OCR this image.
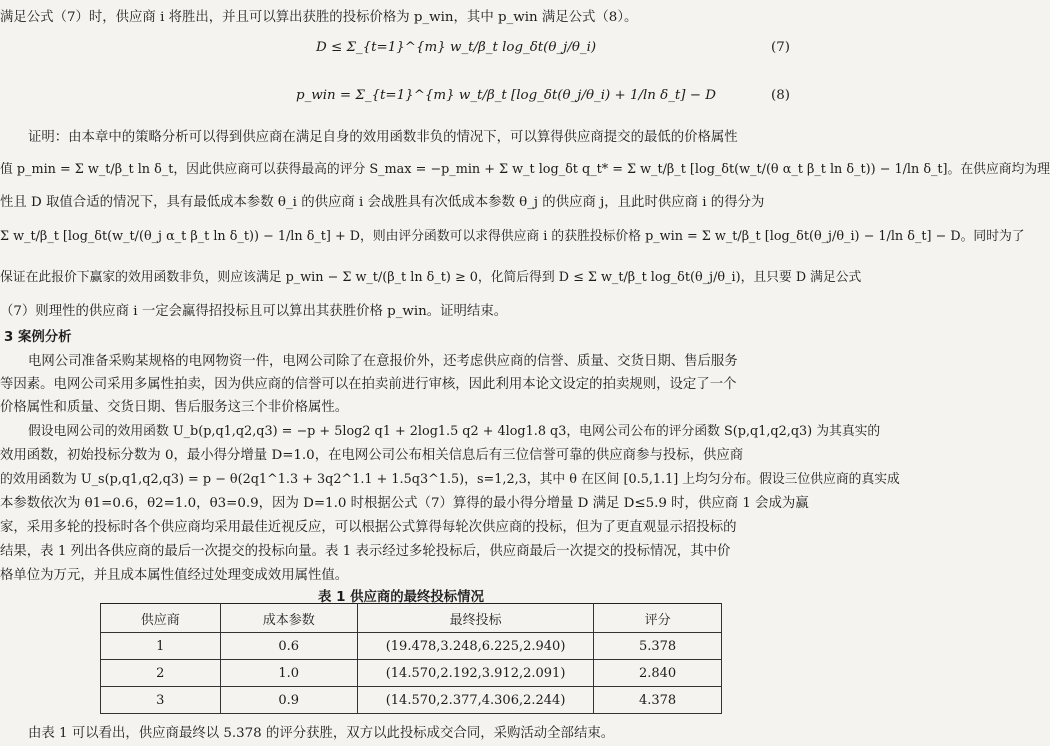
满足公式（7）时，供应商 i 将胜出，并且可以算出获胜的投标价格为 p_win，其中 p_win 满足公式（8）。
D ≤ Σ_{t=1}^{m} w_t/β_t log_δt(θ_j/θ_i)	(7)
p_win = Σ_{t=1}^{m} w_t/β_t [log_δt(θ_j/θ_i) + 1/ln δ_t] − D	(8)
证明：由本章中的策略分析可以得到供应商在满足自身的效用函数非负的情况下，可以算得供应商提交的最低的价格属性
值 p_min = Σ w_t/β_t ln δ_t，因此供应商可以获得最高的评分 S_max = −p_min + Σ w_t log_δt q_t* = Σ w_t/β_t [log_δt(w_t/(θ α_t β_t ln δ_t)) − 1/ln δ_t]。在供应商均为理
性且 D 取值合适的情况下，具有最低成本参数 θ_i 的供应商 i 会战胜具有次低成本参数 θ_j 的供应商 j，且此时供应商 i 的得分为
Σ w_t/β_t [log_δt(w_t/(θ_j α_t β_t ln δ_t)) − 1/ln δ_t] + D，则由评分函数可以求得供应商 i 的获胜投标价格 p_win = Σ w_t/β_t [log_δt(θ_j/θ_i) − 1/ln δ_t] − D。同时为了
保证在此报价下赢家的效用函数非负，则应该满足 p_win − Σ w_t/(β_t ln δ_t) ≥ 0，化简后得到 D ≤ Σ w_t/β_t log_δt(θ_j/θ_i)，且只要 D 满足公式
（7）则理性的供应商 i 一定会赢得招投标且可以算出其获胜价格 p_win。证明结束。
3 案例分析
电网公司准备采购某规格的电网物资一件，电网公司除了在意报价外，还考虑供应商的信誉、质量、交货日期、售后服务
等因素。电网公司采用多属性拍卖，因为供应商的信誉可以在拍卖前进行审核，因此利用本论文设定的拍卖规则，设定了一个
价格属性和质量、交货日期、售后服务这三个非价格属性。
假设电网公司的效用函数 U_b(p,q1,q2,q3) = −p + 5log2 q1 + 2log1.5 q2 + 4log1.8 q3，电网公司公布的评分函数 S(p,q1,q2,q3) 为其真实的
效用函数，初始投标分数为 0，最小得分增量 D=1.0，在电网公司公布相关信息后有三位信誉可靠的供应商参与投标，供应商
的效用函数为 U_s(p,q1,q2,q3) = p − θ(2q1^1.3 + 3q2^1.1 + 1.5q3^1.5)，s=1,2,3，其中 θ 在区间 [0.5,1.1] 上均匀分布。假设三位供应商的真实成
本参数依次为 θ1=0.6，θ2=1.0，θ3=0.9，因为 D=1.0 时根据公式（7）算得的最小得分增量 D 满足 D≤5.9 时，供应商 1 会成为赢
家，采用多轮的投标时各个供应商均采用最佳近视反应，可以根据公式算得每轮次供应商的投标，但为了更直观显示招投标的
结果，表 1 列出各供应商的最后一次提交的投标向量。表 1 表示经过多轮投标后，供应商最后一次提交的投标情况，其中价
格单位为万元，并且成本属性值经过处理变成效用属性值。
表 1 供应商的最终投标情况
供应商	成本参数	最终投标	评分
1	0.6	(19.478,3.248,6.225,2.940)	5.378
2	1.0	(14.570,2.192,3.912,2.091)	2.840
3	0.9	(14.570,2.377,4.306,2.244)	4.378
由表 1 可以看出，供应商最终以 5.378 的评分获胜，双方以此投标成交合同，采购活动全部结束。
